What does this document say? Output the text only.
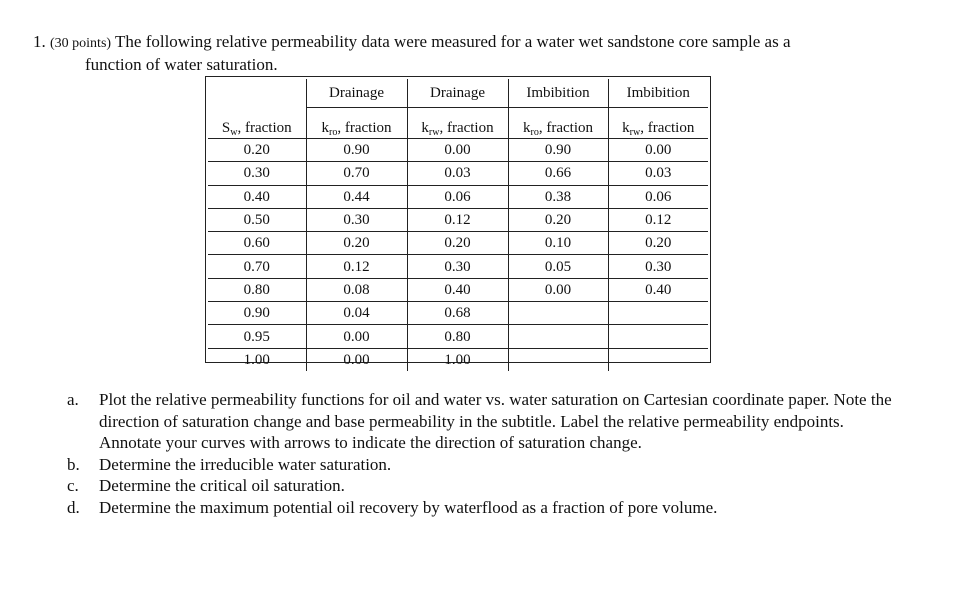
1. (30 points) The following relative permeability data were measured for a water wet sandstone core sample as a
function of water saturation.
	Drainage	Drainage	Imbibition	Imbibition
$S_w$, fraction	$k_{ro}$, fraction	$k_{rw}$, fraction	$k_{ro}$, fraction	$k_{rw}$, fraction
0.20	0.90	0.00	0.90	0.00
0.30	0.70	0.03	0.66	0.03
0.40	0.44	0.06	0.38	0.06
0.50	0.30	0.12	0.20	0.12
0.60	0.20	0.20	0.10	0.20
0.70	0.12	0.30	0.05	0.30
0.80	0.08	0.40	0.00	0.40
0.90	0.04	0.68		
0.95	0.00	0.80		
1.00	0.00	1.00		
a.	Plot the relative permeability functions for oil and water vs. water saturation on Cartesian coordinate paper. Note the direction of saturation change and base permeability in the subtitle. Label the relative permeability endpoints. Annotate your curves with arrows to indicate the direction of saturation change.
b.	Determine the irreducible water saturation.
c.	Determine the critical oil saturation.
d.	Determine the maximum potential oil recovery by waterflood as a fraction of pore volume.
